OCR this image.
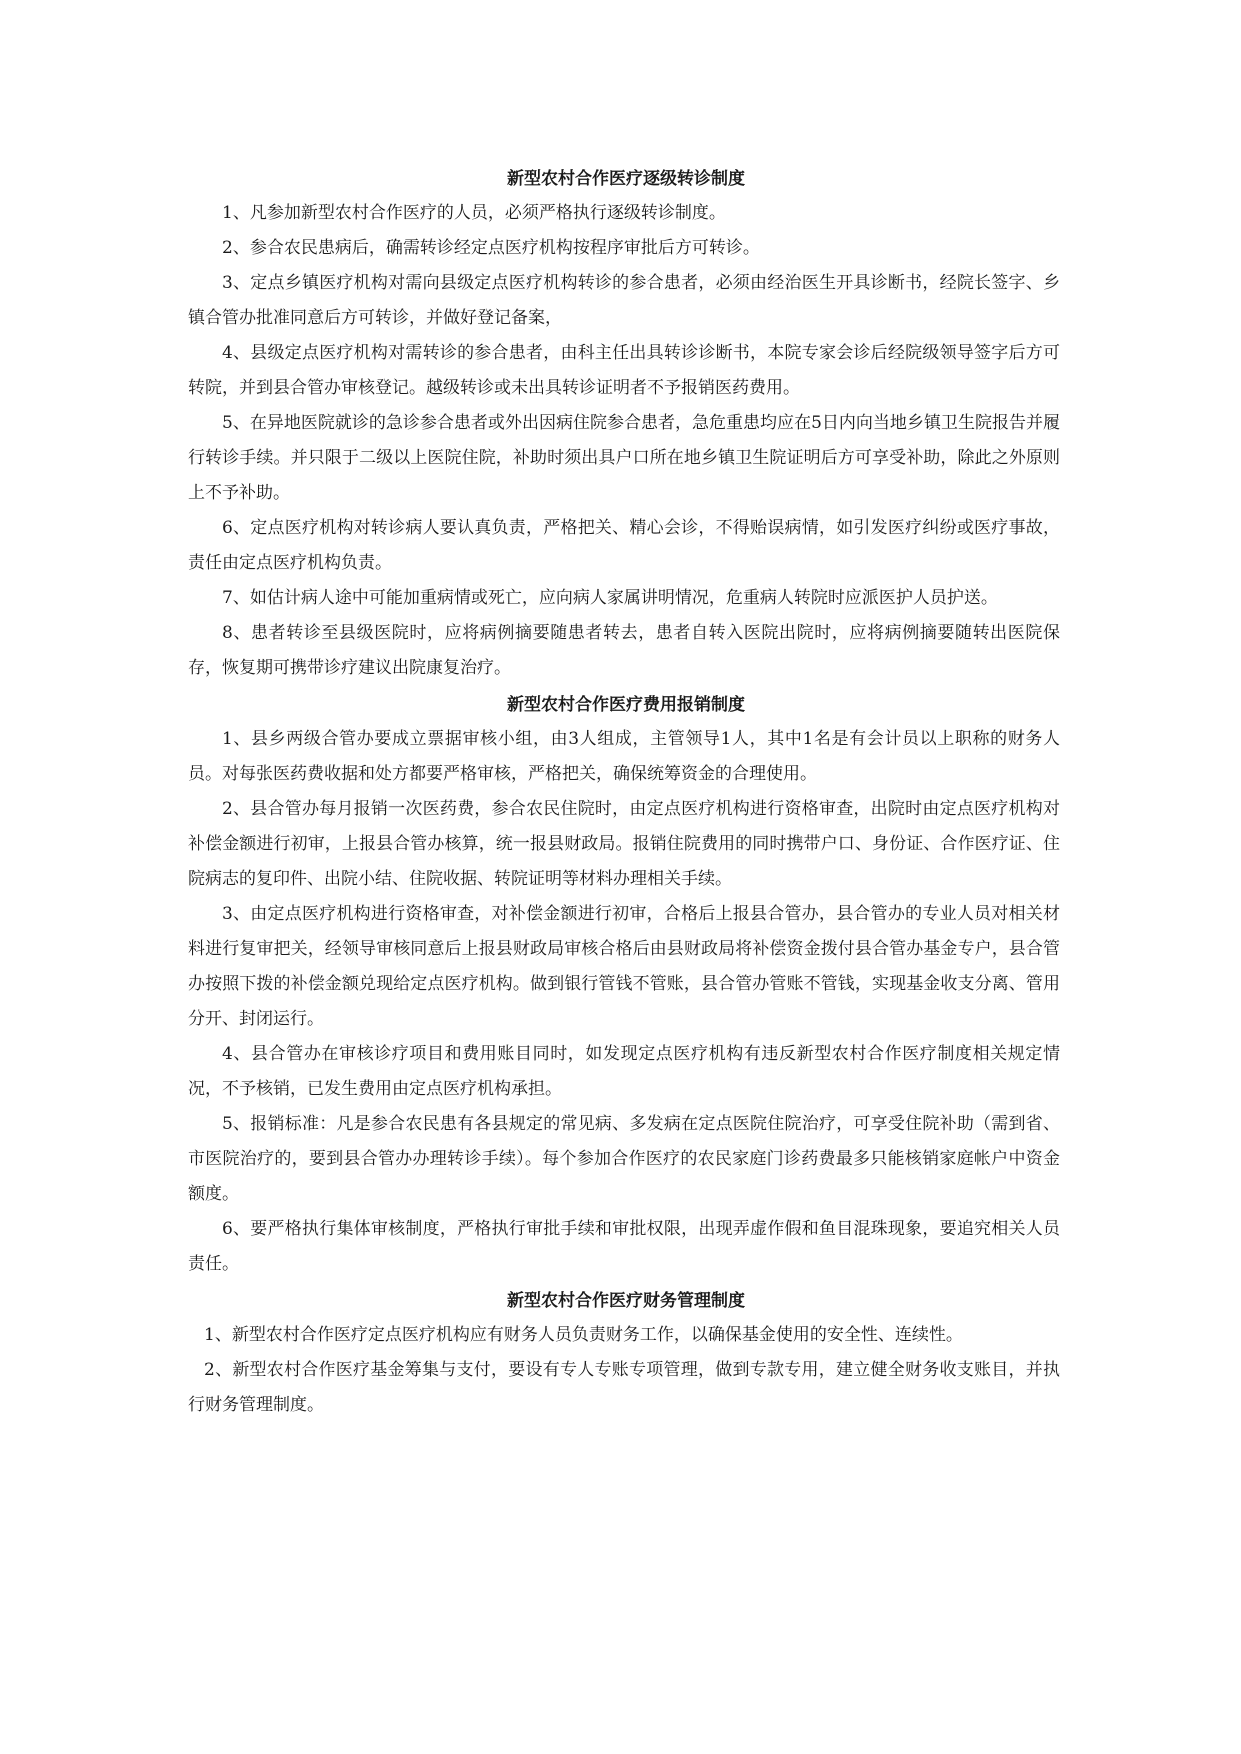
新型农村合作医疗逐级转诊制度

1、凡参加新型农村合作医疗的人员，必须严格执行逐级转诊制度。

2、参合农民患病后，确需转诊经定点医疗机构按程序审批后方可转诊。

3、定点乡镇医疗机构对需向县级定点医疗机构转诊的参合患者，必须由经治医生开具诊断书，经院长签字、乡镇合管办批准同意后方可转诊，并做好登记备案，

4、县级定点医疗机构对需转诊的参合患者，由科主任出具转诊诊断书，本院专家会诊后经院级领导签字后方可转院，并到县合管办审核登记。越级转诊或未出具转诊证明者不予报销医药费用。

5、在异地医院就诊的急诊参合患者或外出因病住院参合患者，急危重患均应在5日内向当地乡镇卫生院报告并履行转诊手续。并只限于二级以上医院住院，补助时须出具户口所在地乡镇卫生院证明后方可享受补助，除此之外原则上不予补助。

6、定点医疗机构对转诊病人要认真负责，严格把关、精心会诊，不得贻误病情，如引发医疗纠纷或医疗事故，责任由定点医疗机构负责。

7、如估计病人途中可能加重病情或死亡，应向病人家属讲明情况，危重病人转院时应派医护人员护送。

8、患者转诊至县级医院时，应将病例摘要随患者转去，患者自转入医院出院时，应将病例摘要随转出医院保存，恢复期可携带诊疗建议出院康复治疗。

新型农村合作医疗费用报销制度

1、县乡两级合管办要成立票据审核小组，由3人组成，主管领导1人，其中1名是有会计员以上职称的财务人员。对每张医药费收据和处方都要严格审核，严格把关，确保统筹资金的合理使用。

2、县合管办每月报销一次医药费，参合农民住院时，由定点医疗机构进行资格审查，出院时由定点医疗机构对补偿金额进行初审，上报县合管办核算，统一报县财政局。报销住院费用的同时携带户口、身份证、合作医疗证、住院病志的复印件、出院小结、住院收据、转院证明等材料办理相关手续。

3、由定点医疗机构进行资格审查，对补偿金额进行初审，合格后上报县合管办，县合管办的专业人员对相关材料进行复审把关，经领导审核同意后上报县财政局审核合格后由县财政局将补偿资金拨付县合管办基金专户，县合管办按照下拨的补偿金额兑现给定点医疗机构。做到银行管钱不管账，县合管办管账不管钱，实现基金收支分离、管用分开、封闭运行。

4、县合管办在审核诊疗项目和费用账目同时，如发现定点医疗机构有违反新型农村合作医疗制度相关规定情况，不予核销，已发生费用由定点医疗机构承担。

5、报销标准：凡是参合农民患有各县规定的常见病、多发病在定点医院住院治疗，可享受住院补助（需到省、市医院治疗的，要到县合管办办理转诊手续）。每个参加合作医疗的农民家庭门诊药费最多只能核销家庭帐户中资金额度。

6、要严格执行集体审核制度，严格执行审批手续和审批权限，出现弄虚作假和鱼目混珠现象，要追究相关人员责任。

新型农村合作医疗财务管理制度

1、新型农村合作医疗定点医疗机构应有财务人员负责财务工作，以确保基金使用的安全性、连续性。

2、新型农村合作医疗基金筹集与支付，要设有专人专账专项管理，做到专款专用，建立健全财务收支账目，并执行财务管理制度。
